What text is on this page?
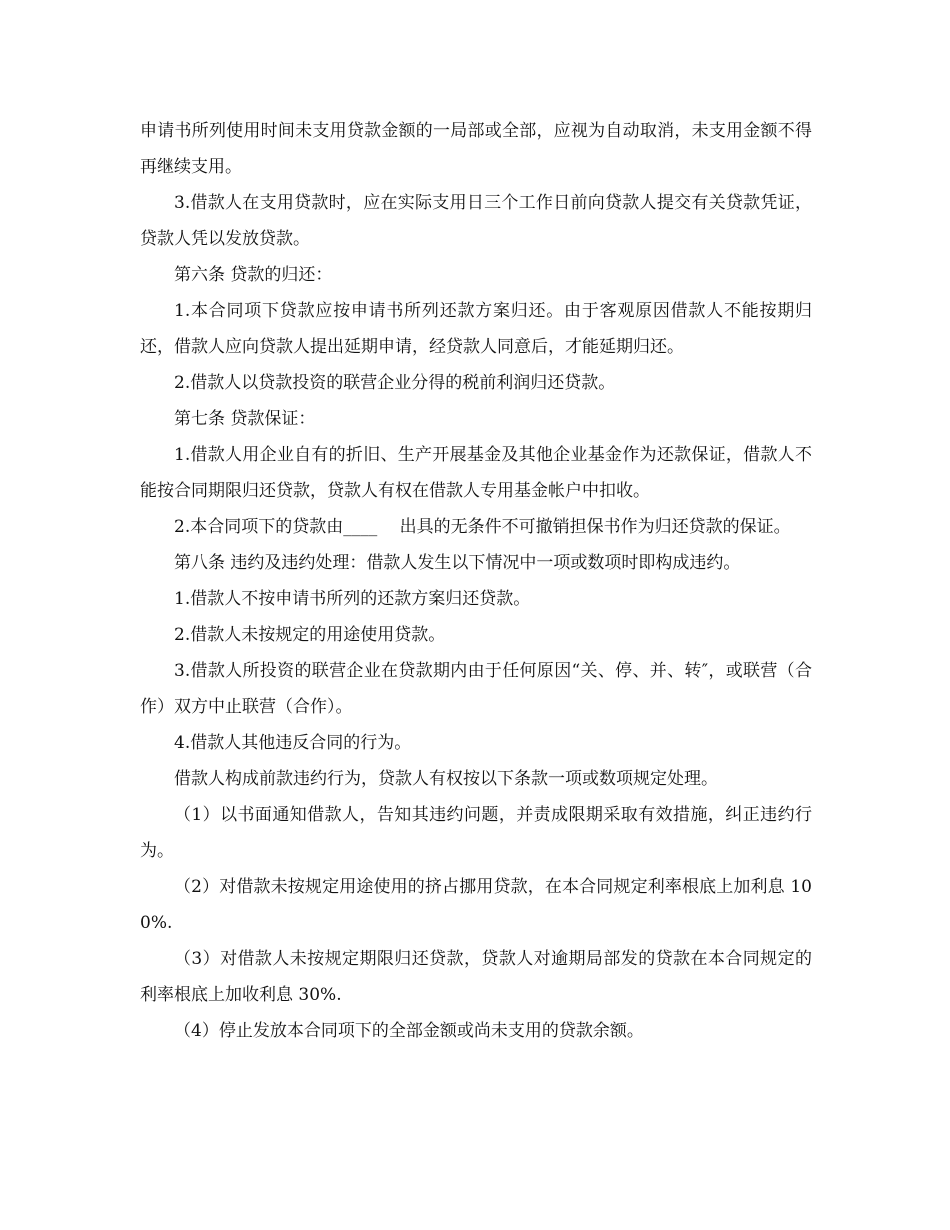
申请书所列使用时间未支用贷款金额的一局部或全部，应视为自动取消，未支用金额不得再继续支用。

3.借款人在支用贷款时，应在实际支用日三个工作日前向贷款人提交有关贷款凭证，贷款人凭以发放贷款。

第六条 贷款的归还：

1.本合同项下贷款应按申请书所列还款方案归还。由于客观原因借款人不能按期归还，借款人应向贷款人提出延期申请，经贷款人同意后，才能延期归还。

2.借款人以贷款投资的联营企业分得的税前利润归还贷款。

第七条 贷款保证：

1.借款人用企业自有的折旧、生产开展基金及其他企业基金作为还款保证，借款人不能按合同期限归还贷款，贷款人有权在借款人专用基金帐户中扣收。

2.本合同项下的贷款由____　 出具的无条件不可撤销担保书作为归还贷款的保证。

第八条 违约及违约处理：借款人发生以下情况中一项或数项时即构成违约。

1.借款人不按申请书所列的还款方案归还贷款。

2.借款人未按规定的用途使用贷款。

3.借款人所投资的联营企业在贷款期内由于任何原因“关、停、并、转″，或联营（合作）双方中止联营（合作）。

4.借款人其他违反合同的行为。

借款人构成前款违约行为，贷款人有权按以下条款一项或数项规定处理。

（1）以书面通知借款人，告知其违约问题，并责成限期采取有效措施，纠正违约行为。

（2）对借款未按规定用途使用的挤占挪用贷款，在本合同规定利率根底上加利息 100%.

（3）对借款人未按规定期限归还贷款，贷款人对逾期局部发的贷款在本合同规定的利率根底上加收利息 30%.

（4）停止发放本合同项下的全部金额或尚未支用的贷款余额。
